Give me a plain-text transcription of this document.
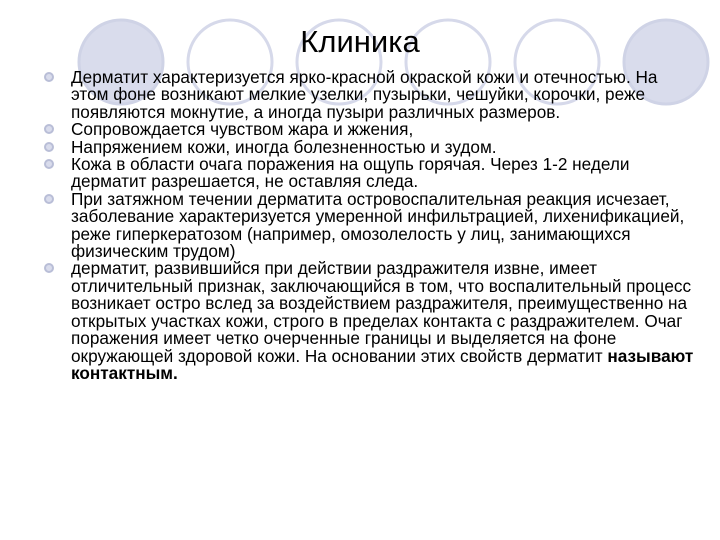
Клиника
Дерматит характеризуется ярко-красной окраской кожи и отечностью. На этом фоне возникают мелкие узелки, пузырьки, чешуйки, корочки, реже появляются мокнутие, а иногда пузыри различных размеров.
Сопровождается чувством жара и жжения,
Напряжением кожи, иногда болезненностью и зудом.
Кожа в области очага поражения на ощупь горячая. Через 1-2 недели дерматит разрешается, не оставляя следа.
При затяжном течении дерматита островоспалительная реакция исчезает, заболевание характеризуется умеренной инфильтрацией, лихенификацией, реже гиперкератозом (например, омозолелость у лиц, занимающихся физическим трудом)
дерматит, развившийся при действии раздражителя извне, имеет отличительный признак, заключающийся в том, что воспалительный процесс возникает остро вслед за воздействием раздражителя, преимущественно на открытых участках кожи, строго в пределах контакта с раздражителем. Очаг поражения имеет четко очерченные границы и выделяется на фоне окружающей здоровой кожи. На основании этих свойств дерматит называют контактным.
